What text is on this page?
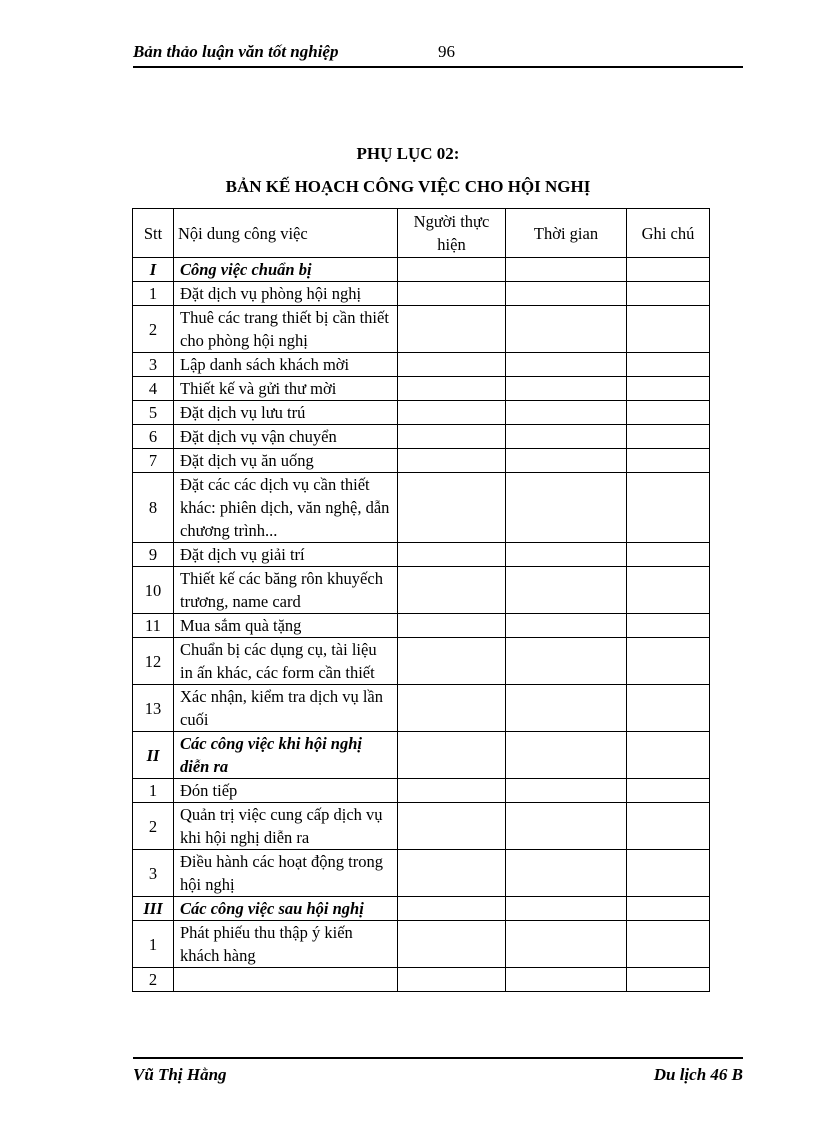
Bản thảo luận văn tốt nghiệp	96
PHỤ LỤC 02:
BẢN KẾ HOẠCH CÔNG VIỆC CHO HỘI NGHỊ
Stt	Nội dung công việc	Người thực hiện	Thời gian	Ghi chú
I	Công việc chuẩn bị			
1	Đặt dịch vụ phòng hội nghị			
2	Thuê các trang thiết bị cần thiết cho phòng hội nghị			
3	Lập danh sách khách mời			
4	Thiết kế và gửi thư mời			
5	Đặt dịch vụ lưu trú			
6	Đặt dịch vụ vận chuyển			
7	Đặt dịch vụ ăn uống			
8	Đặt các các dịch vụ cần thiết khác: phiên dịch, văn nghệ, dẫn chương trình...			
9	Đặt dịch vụ giải trí			
10	Thiết kế các băng rôn khuyếch trương, name card			
11	Mua sắm quà tặng			
12	Chuẩn bị các dụng cụ, tài liệu in ấn khác, các form cần thiết			
13	Xác nhận, kiểm tra dịch vụ lần cuối			
II	Các công việc khi hội nghị diễn ra			
1	Đón tiếp			
2	Quản trị việc cung cấp dịch vụ khi hội nghị diễn ra			
3	Điều hành các hoạt động trong hội nghị			
III	Các công việc sau hội nghị			
1	Phát phiếu thu thập ý kiến khách hàng			
2				
Vũ Thị Hằng	Du lịch 46 B
